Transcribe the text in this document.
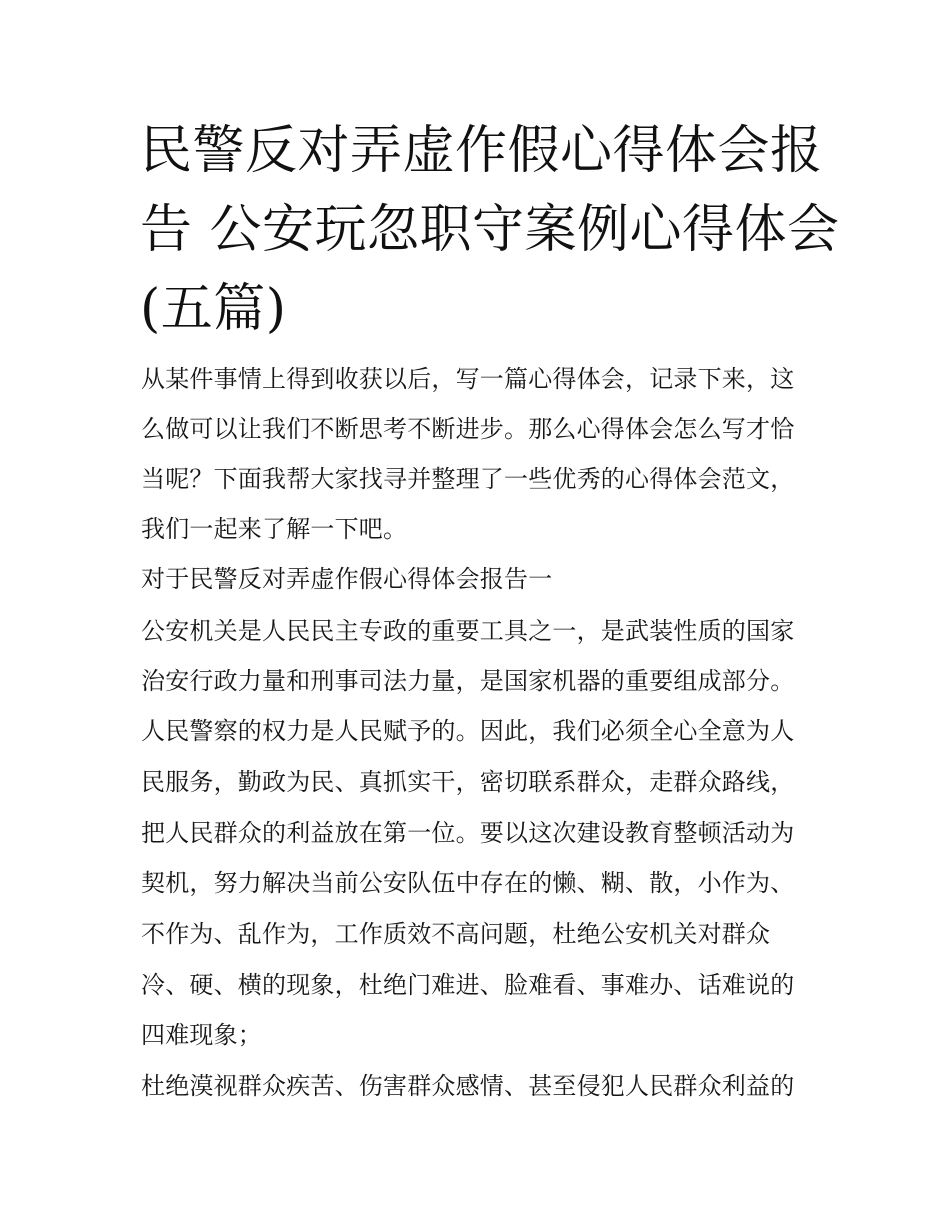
民警反对弄虚作假心得体会报
告 公安玩忽职守案例心得体会
(五篇)

从某件事情上得到收获以后，写一篇心得体会，记录下来，这

么做可以让我们不断思考不断进步。那么心得体会怎么写才恰

当呢？下面我帮大家找寻并整理了一些优秀的心得体会范文，

我们一起来了解一下吧。

对于民警反对弄虚作假心得体会报告一

公安机关是人民民主专政的重要工具之一，是武装性质的国家

治安行政力量和刑事司法力量，是国家机器的重要组成部分。

人民警察的权力是人民赋予的。因此，我们必须全心全意为人

民服务，勤政为民、真抓实干，密切联系群众，走群众路线，

把人民群众的利益放在第一位。要以这次建设教育整顿活动为

契机，努力解决当前公安队伍中存在的懒、糊、散，小作为、

不作为、乱作为，工作质效不高问题，杜绝公安机关对群众

冷、硬、横的现象，杜绝门难进、脸难看、事难办、话难说的

四难现象；

杜绝漠视群众疾苦、伤害群众感情、甚至侵犯人民群众利益的
